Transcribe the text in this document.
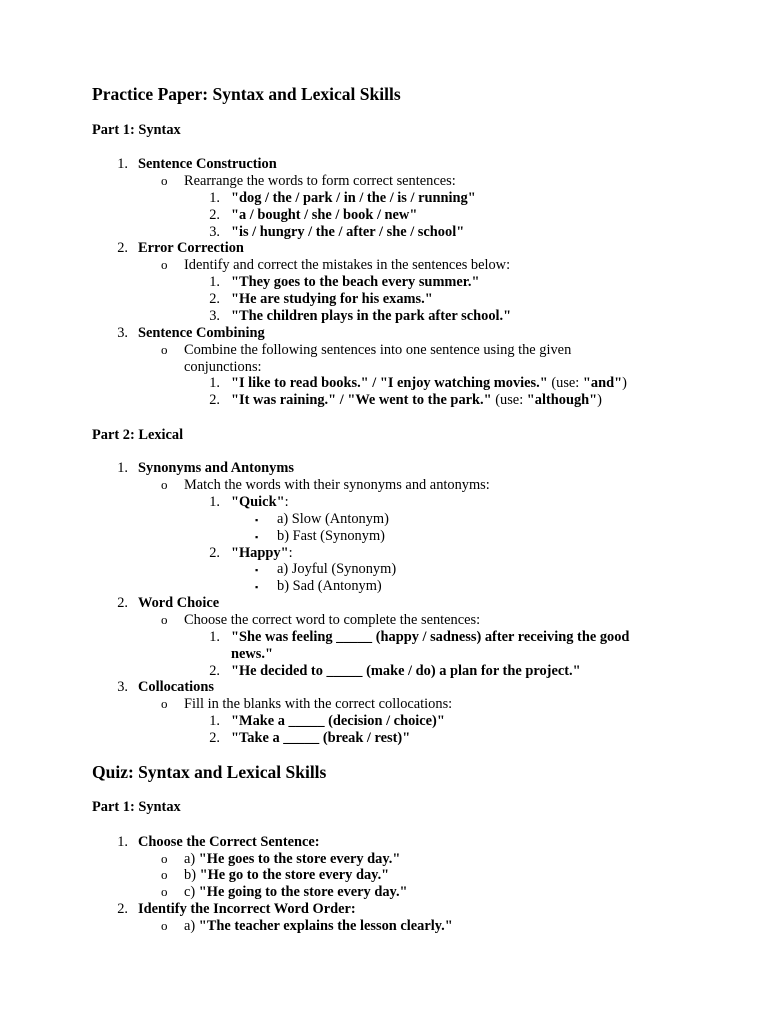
Practice Paper: Syntax and Lexical Skills
Part 1: Syntax
1. Sentence Construction
o Rearrange the words to form correct sentences:
1. "dog / the / park / in / the / is / running"
2. "a / bought / she / book / new"
3. "is / hungry / the / after / she / school"
2. Error Correction
o Identify and correct the mistakes in the sentences below:
1. "They goes to the beach every summer."
2. "He are studying for his exams."
3. "The children plays in the park after school."
3. Sentence Combining
o Combine the following sentences into one sentence using the given
conjunctions:
1. "I like to read books." / "I enjoy watching movies." (use: "and")
2. "It was raining." / "We went to the park." (use: "although")
Part 2: Lexical
1. Synonyms and Antonyms
o Match the words with their synonyms and antonyms:
1. "Quick":
▪ a) Slow (Antonym)
▪ b) Fast (Synonym)
2. "Happy":
▪ a) Joyful (Synonym)
▪ b) Sad (Antonym)
2. Word Choice
o Choose the correct word to complete the sentences:
1. "She was feeling _____ (happy / sadness) after receiving the good
news."
2. "He decided to _____ (make / do) a plan for the project."
3. Collocations
o Fill in the blanks with the correct collocations:
1. "Make a _____ (decision / choice)"
2. "Take a _____ (break / rest)"
Quiz: Syntax and Lexical Skills
Part 1: Syntax
1. Choose the Correct Sentence:
o a) "He goes to the store every day."
o b) "He go to the store every day."
o c) "He going to the store every day."
2. Identify the Incorrect Word Order:
o a) "The teacher explains the lesson clearly."
